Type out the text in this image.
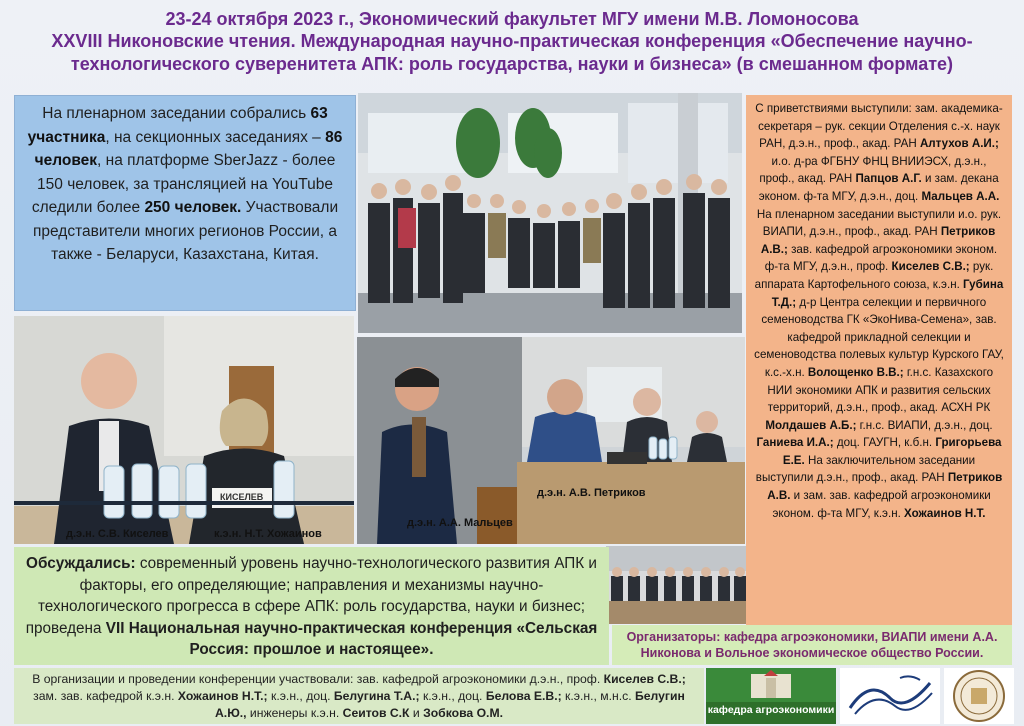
23-24 октября 2023 г., Экономический факультет МГУ имени М.В. Ломоносова
XXVIII Никоновские чтения. Международная научно-практическая конференция «Обеспечение научно-
технологического суверенитета АПК: роль государства, науки и бизнеса» (в смешанном формате)
На пленарном заседании собрались 63 участника, на секционных заседаниях – 86 человек, на платформе SberJazz - более 150 человек, за трансляцией на YouTube следили более 250 человек. Участвовали представители многих регионов России, а также - Беларуси, Казахстана, Китая.
КИСЕЛЕВ
д.э.н. С.В. Киселев	к.э.н. Н.Т. Хожаинов
д.э.н. А.А. Мальцев
д.э.н. А.В. Петриков
С приветствиями выступили: зам. академика-секретаря – рук. секции Отделения с.-х. наук РАН, д.э.н., проф., акад. РАН Алтухов А.И.; и.о. д-ра ФГБНУ ФНЦ ВНИИЭСХ, д.э.н., проф., акад. РАН Папцов А.Г. и зам. декана эконом. ф-та МГУ, д.э.н., доц. Мальцев А.А. На пленарном заседании выступили и.о. рук. ВИАПИ, д.э.н., проф., акад. РАН Петриков А.В.; зав. кафедрой агроэкономики эконом. ф-та МГУ, д.э.н., проф. Киселев С.В.; рук. аппарата Картофельного союза, к.э.н. Губина Т.Д.; д-р Центра селекции и первичного семеноводства ГК «ЭкоНива-Семена», зав. кафедрой прикладной селекции и семеноводства полевых культур Курского ГАУ, к.с.-х.н. Волощенко В.В.; г.н.с. Казахского НИИ экономики АПК и развития сельских территорий, д.э.н., проф., акад. АСХН РК Молдашев А.Б.; г.н.с. ВИАПИ, д.э.н., доц. Ганиева И.А.; доц. ГАУГН, к.б.н. Григорьева Е.Е. На заключительном заседании выступили д.э.н., проф., акад. РАН Петриков А.В. и зам. зав. кафедрой агроэкономики эконом. ф-та МГУ, к.э.н. Хожаинов Н.Т.
Обсуждались: современный уровень научно-технологического развития АПК и факторы, его определяющие; направления и механизмы научно-технологического прогресса в сфере АПК: роль государства, науки и бизнес; проведена VII Национальная научно-практическая конференция «Сельская Россия: прошлое и настоящее».
Организаторы: кафедра агроэкономики, ВИАПИ имени А.А. Никонова и Вольное экономическое общество России.
В организации и проведении конференции участвовали: зав. кафедрой агроэкономики д.э.н., проф. Киселев С.В.; зам. зав. кафедрой к.э.н. Хожаинов Н.Т.; к.э.н., доц. Белугина Т.А.; к.э.н., доц. Белова Е.В.; к.э.н., м.н.с. Белугин А.Ю., инженеры к.э.н. Сеитов С.К и Зобкова О.М.	кафедра агроэкономики
